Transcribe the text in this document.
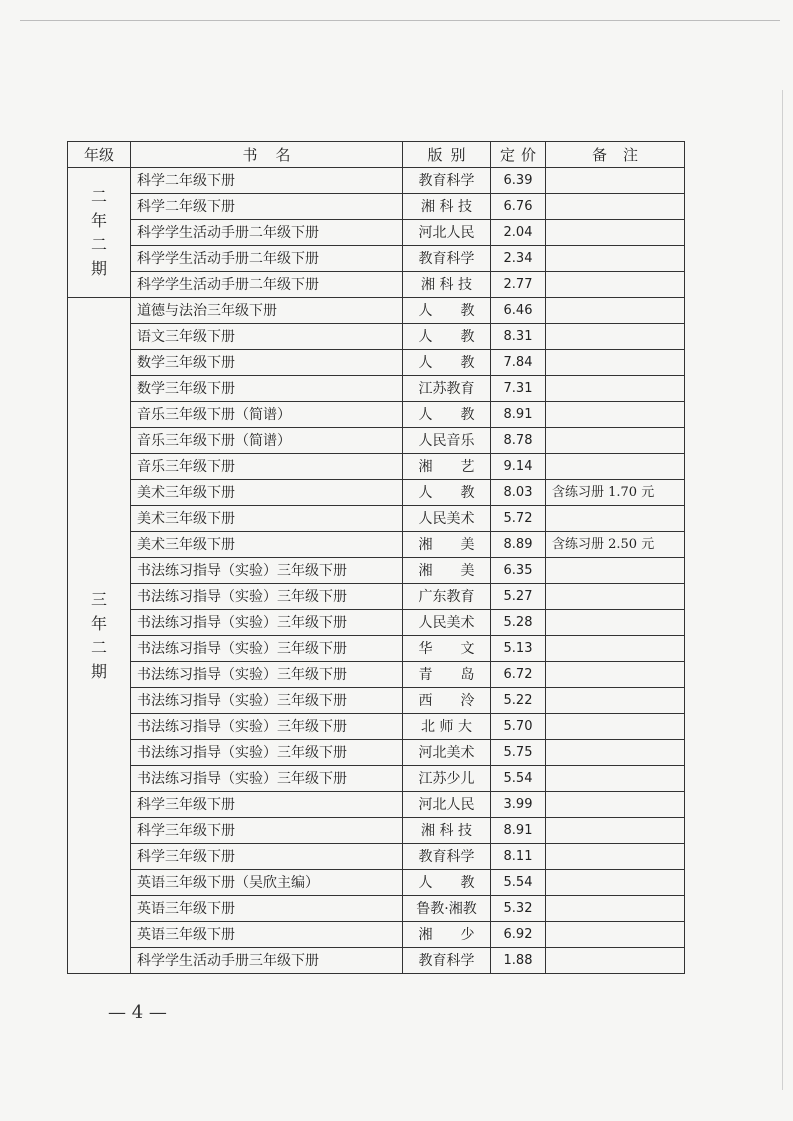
年级	书名	版别	定价	备注

二
年
二
期	科学二年级下册	教育科学	6.39	
	科学二年级下册	湘 科 技	6.76	
	科学学生活动手册二年级下册	河北人民	2.04	
	科学学生活动手册二年级下册	教育科学	2.34	
	科学学生活动手册二年级下册	湘 科 技	2.77	

三
年
二
期	道德与法治三年级下册	人　　教	6.46	
	语文三年级下册	人　　教	8.31	
	数学三年级下册	人　　教	7.84	
	数学三年级下册	江苏教育	7.31	
	音乐三年级下册（简谱）	人　　教	8.91	
	音乐三年级下册（简谱）	人民音乐	8.78	
	音乐三年级下册	湘　　艺	9.14	
	美术三年级下册	人　　教	8.03	含练习册 1.70 元
	美术三年级下册	人民美术	5.72	
	美术三年级下册	湘　　美	8.89	含练习册 2.50 元
	书法练习指导（实验）三年级下册	湘　　美	6.35	
	书法练习指导（实验）三年级下册	广东教育	5.27	
	书法练习指导（实验）三年级下册	人民美术	5.28	
	书法练习指导（实验）三年级下册	华　　文	5.13	
	书法练习指导（实验）三年级下册	青　　岛	6.72	
	书法练习指导（实验）三年级下册	西　　泠	5.22	
	书法练习指导（实验）三年级下册	北 师 大	5.70	
	书法练习指导（实验）三年级下册	河北美术	5.75	
	书法练习指导（实验）三年级下册	江苏少儿	5.54	
	科学三年级下册	河北人民	3.99	
	科学三年级下册	湘 科 技	8.91	
	科学三年级下册	教育科学	8.11	
	英语三年级下册（吴欣主编）	人　　教	5.54	
	英语三年级下册	鲁教·湘教	5.32	
	英语三年级下册	湘　　少	6.92	
	科学学生活动手册三年级下册	教育科学	1.88	
— 4 —
